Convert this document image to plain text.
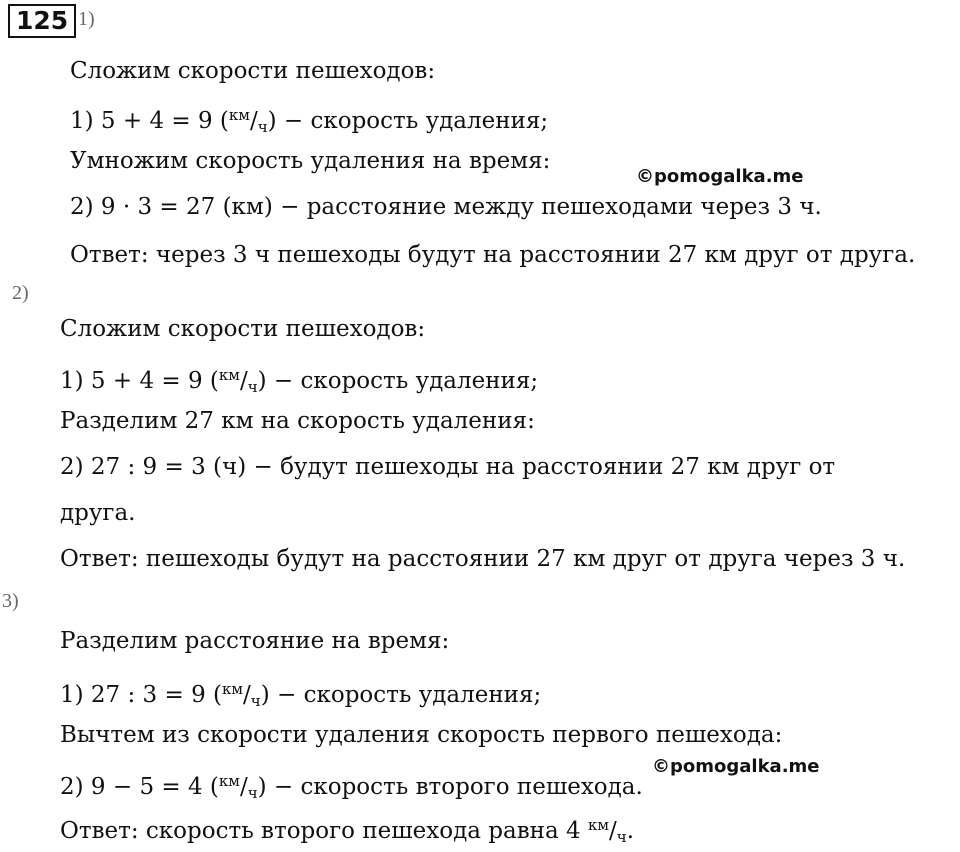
125 1)
Сложим скорости пешеходов:
1) 5 + 4 = 9 $(^{км}/_ч)$ − скорость удаления;
Умножим скорость удаления на время:
©pomogalka.me
2) 9 · 3 = 27 (км) − расстояние между пешеходами через 3 ч.
Ответ: через 3 ч пешеходы будут на расстоянии 27 км друг от друга.
2)
Сложим скорости пешеходов:
1) 5 + 4 = 9 $(^{км}/_ч)$ − скорость удаления;
Разделим 27 км на скорость удаления:
2) 27 : 9 = 3 (ч) − будут пешеходы на расстоянии 27 км друг от
друга.
Ответ: пешеходы будут на расстоянии 27 км друг от друга через 3 ч.
3)
Разделим расстояние на время:
1) 27 : 3 = 9 $(^{км}/_ч)$ − скорость удаления;
Вычтем из скорости удаления скорость первого пешехода:
2) 9 − 5 = 4 $(^{км}/_ч)$ − скорость второго пешехода.
©pomogalka.me
Ответ: скорость второго пешехода равна 4 $^{км}/_ч$.
